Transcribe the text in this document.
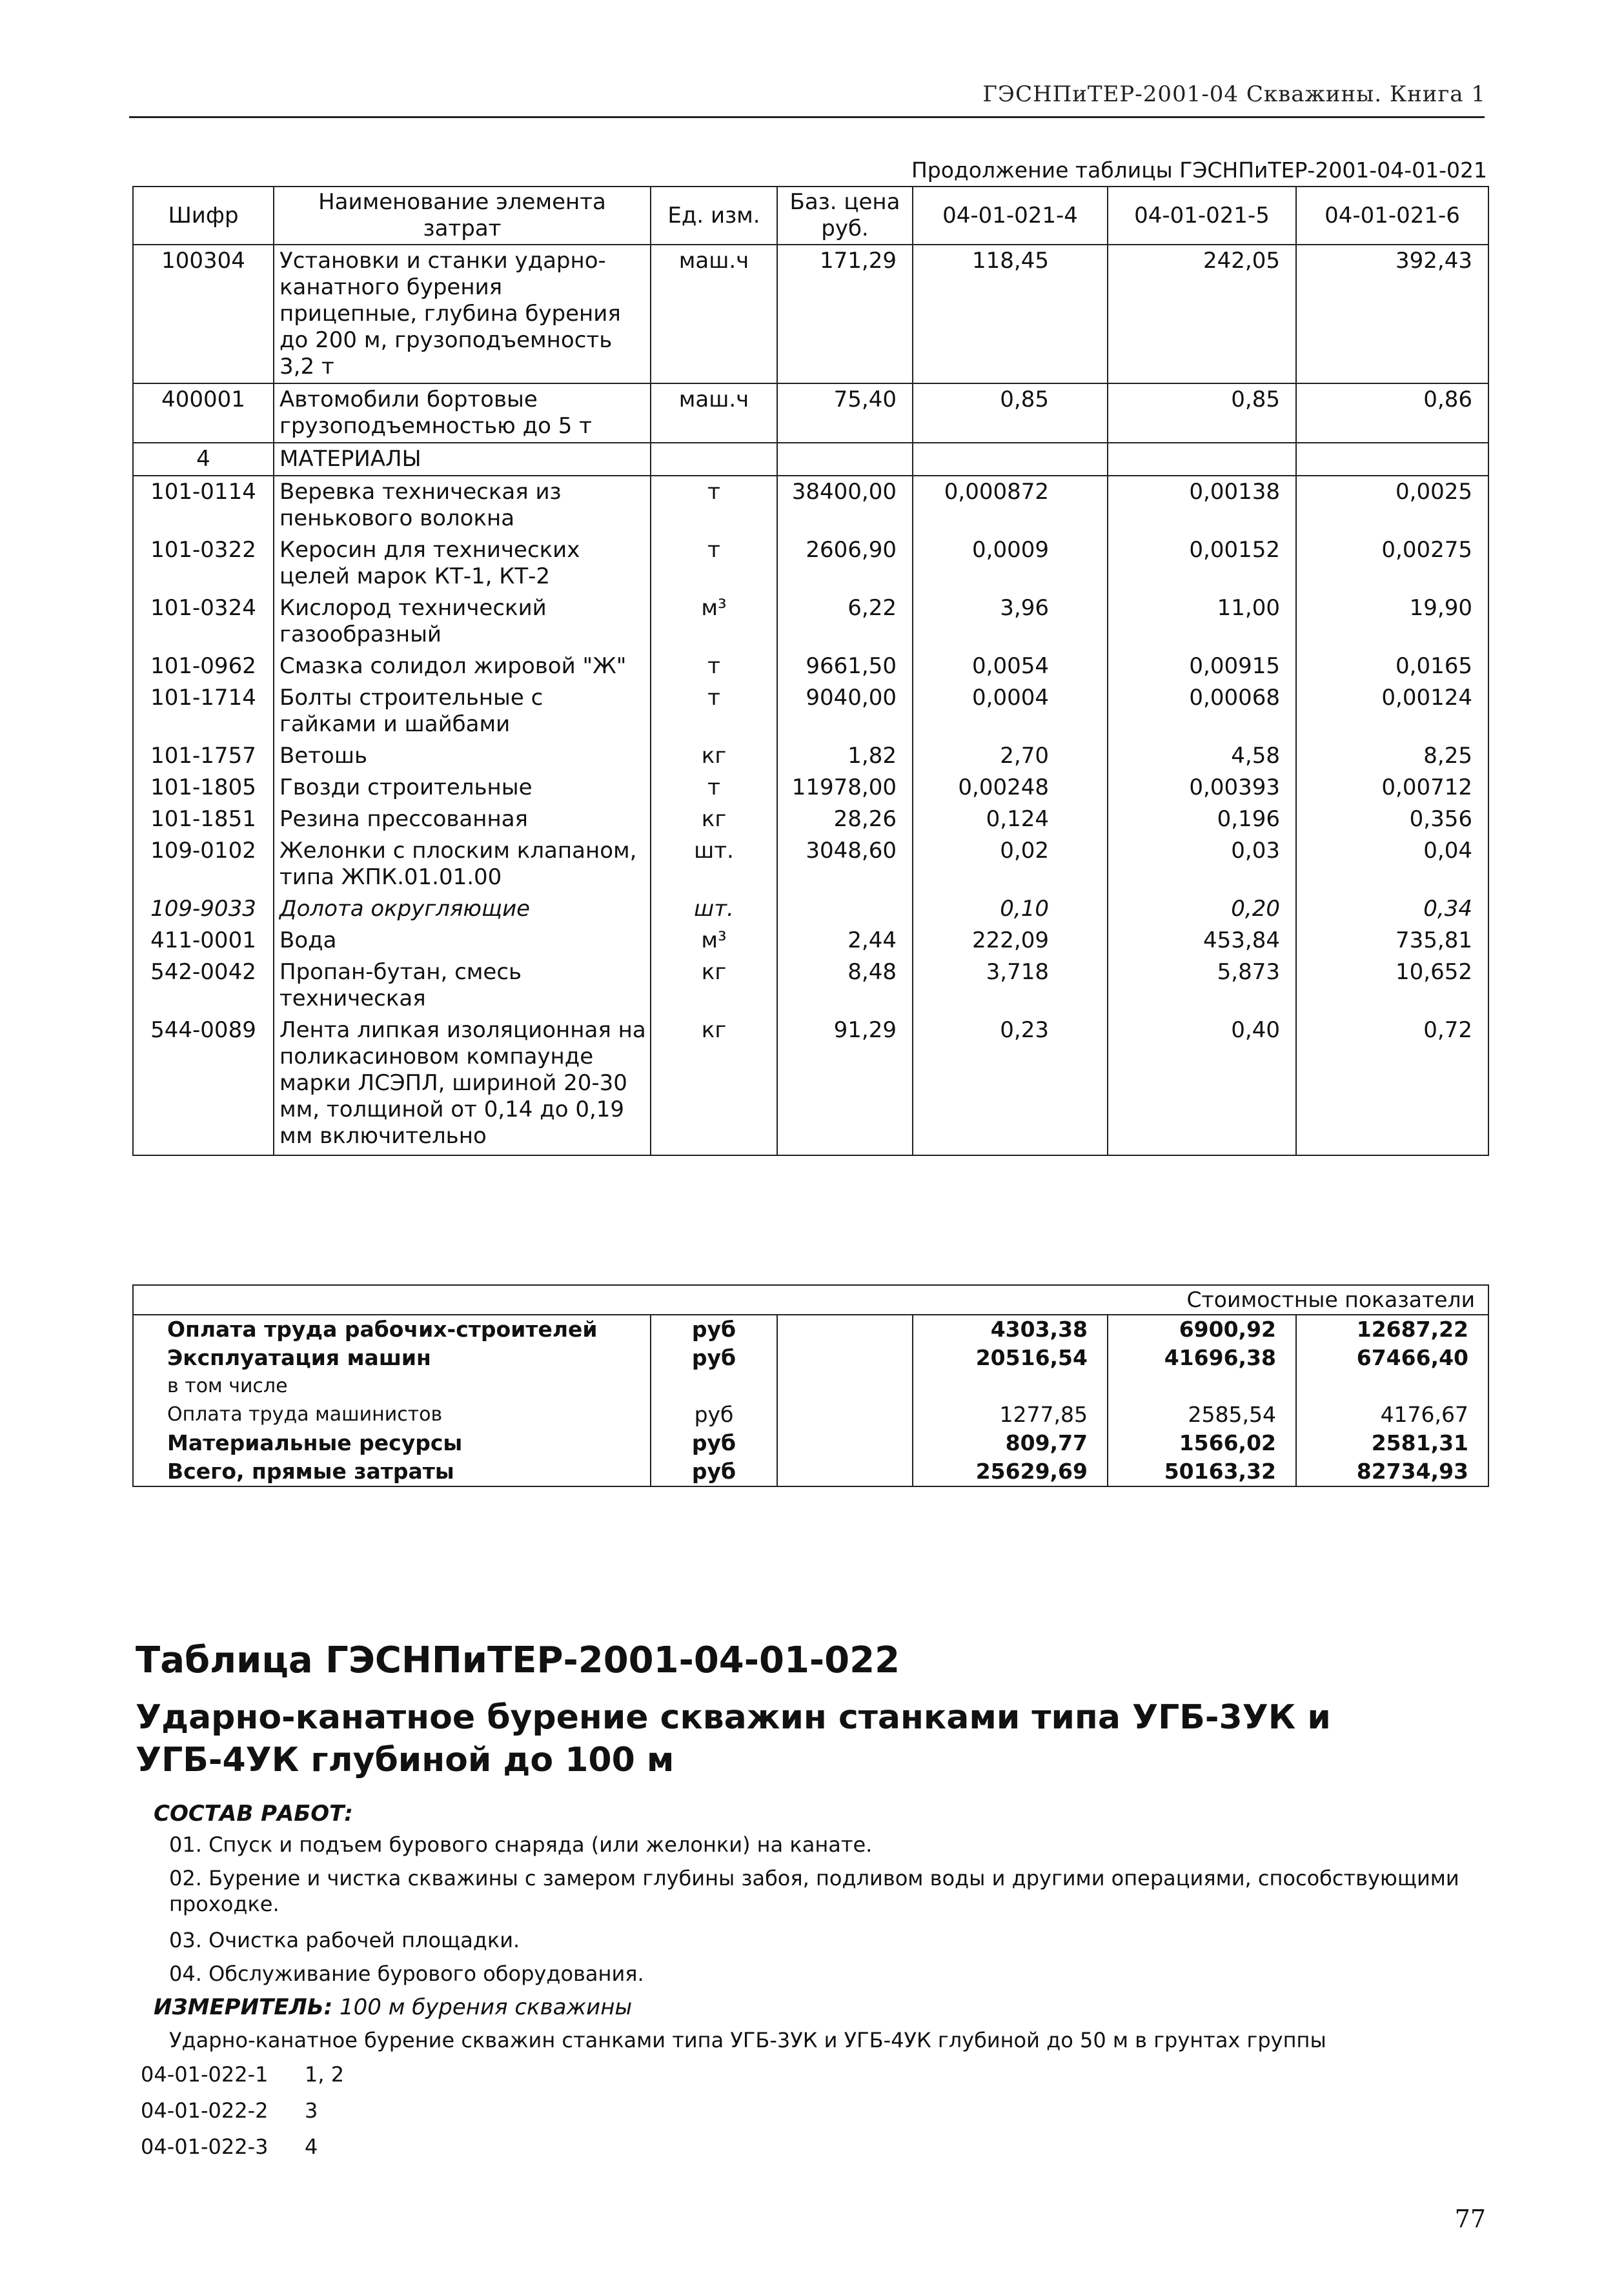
ГЭСНПиТЕР-2001-04 Скважины. Книга 1
Продолжение таблицы ГЭСНПиТЕР-2001-04-01-021
Шифр	Наименование элемента затрат	Ед. изм.	Баз. цена руб.	04-01-021-4	04-01-021-5	04-01-021-6
100304	Установки и станки ударно-канатного бурения прицепные, глубина бурения до 200 м, грузоподъемность 3,2 т	маш.ч	171,29	118,45	242,05	392,43
400001	Автомобили бортовые грузоподъемностью до 5 т	маш.ч	75,40	0,85	0,85	0,86
4	МАТЕРИАЛЫ					
101-0114	Веревка техническая из пенькового волокна	т	38400,00	0,000872	0,00138	0,0025
101-0322	Керосин для технических целей марок КТ-1, КТ-2	т	2606,90	0,0009	0,00152	0,00275
101-0324	Кислород технический газообразный	м³	6,22	3,96	11,00	19,90
101-0962	Смазка солидол жировой "Ж"	т	9661,50	0,0054	0,00915	0,0165
101-1714	Болты строительные с гайками и шайбами	т	9040,00	0,0004	0,00068	0,00124
101-1757	Ветошь	кг	1,82	2,70	4,58	8,25
101-1805	Гвозди строительные	т	11978,00	0,00248	0,00393	0,00712
101-1851	Резина прессованная	кг	28,26	0,124	0,196	0,356
109-0102	Желонки с плоским клапаном, типа ЖПК.01.01.00	шт.	3048,60	0,02	0,03	0,04
109-9033	Долота округляющие	шт.		0,10	0,20	0,34
411-0001	Вода	м³	2,44	222,09	453,84	735,81
542-0042	Пропан-бутан, смесь техническая	кг	8,48	3,718	5,873	10,652
544-0089	Лента липкая изоляционная на поликасиновом компаунде марки ЛСЭПЛ, шириной 20-30 мм, толщиной от 0,14 до 0,19 мм включительно	кг	91,29	0,23	0,40	0,72
			Стоимостные показатели		
Оплата труда рабочих-строителей	руб		4303,38	6900,92	12687,22
Эксплуатация машин	руб		20516,54	41696,38	67466,40
в том числе					
Оплата труда машинистов	руб		1277,85	2585,54	4176,67
Материальные ресурсы	руб		809,77	1566,02	2581,31
Всего, прямые затраты	руб		25629,69	50163,32	82734,93
Таблица ГЭСНПиТЕР-2001-04-01-022
Ударно-канатное бурение скважин станками типа УГБ-3УК и УГБ-4УК глубиной до 100 м
СОСТАВ РАБОТ:
01. Спуск и подъем бурового снаряда (или желонки) на канате.
02. Бурение и чистка скважины с замером глубины забоя, подливом воды и другими операциями, способствующими проходке.
03. Очистка рабочей площадки.
04. Обслуживание бурового оборудования.
ИЗМЕРИТЕЛЬ: 100 м бурения скважины
Ударно-канатное бурение скважин станками типа УГБ-3УК и УГБ-4УК глубиной до 50 м в грунтах группы
04-01-022-1 1, 2
04-01-022-2 3
04-01-022-3 4
77
